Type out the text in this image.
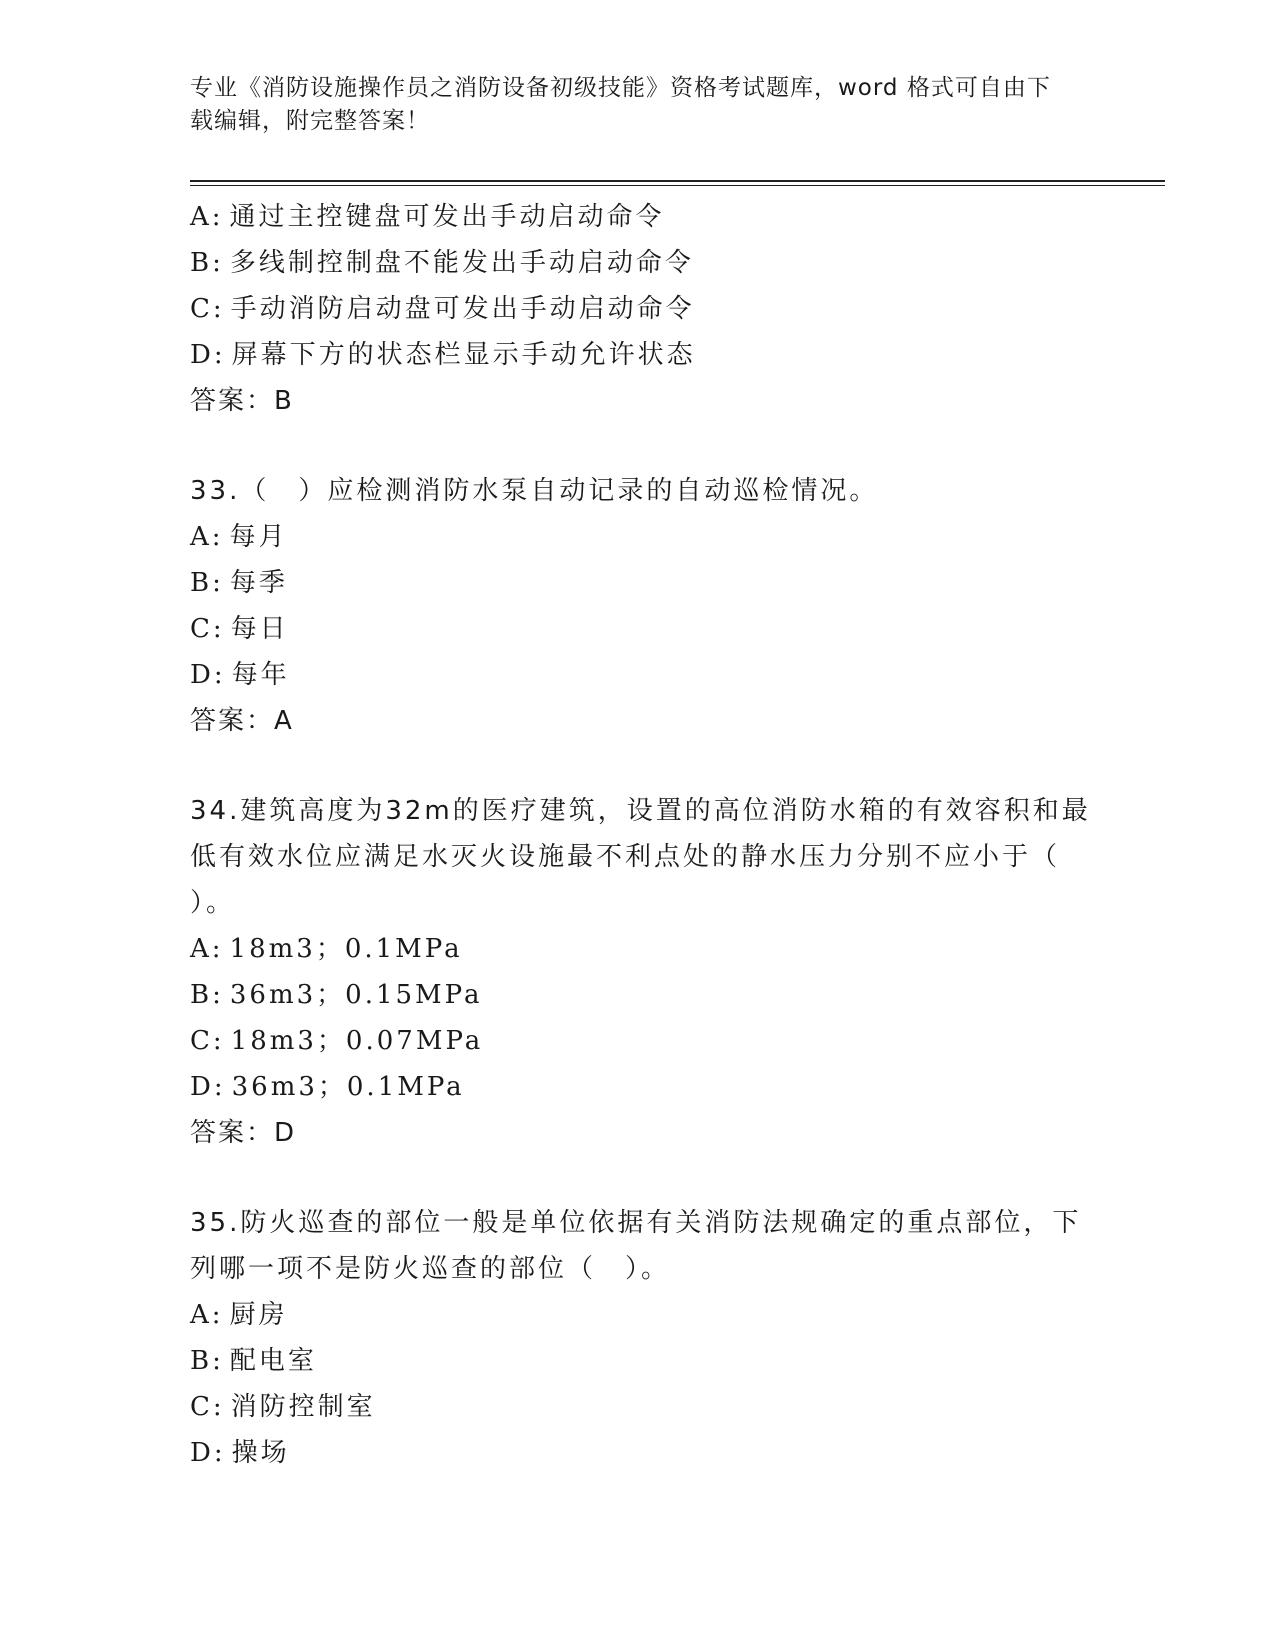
专业《消防设施操作员之消防设备初级技能》资格考试题库，word 格式可自由下
载编辑，附完整答案！
A: 通过主控键盘可发出手动启动命令
B: 多线制控制盘不能发出手动启动命令
C: 手动消防启动盘可发出手动启动命令
D: 屏幕下方的状态栏显示手动允许状态
答案：B
33.（　）应检测消防水泵自动记录的自动巡检情况。
A: 每月
B: 每季
C: 每日
D: 每年
答案：A
34.建筑高度为32m的医疗建筑，设置的高位消防水箱的有效容积和最
低有效水位应满足水灭火设施最不利点处的静水压力分别不应小于（
）。
A: 18m3；0.1MPa
B: 36m3；0.15MPa
C: 18m3；0.07MPa
D: 36m3；0.1MPa
答案：D
35.防火巡查的部位一般是单位依据有关消防法规确定的重点部位，下
列哪一项不是防火巡查的部位（　）。
A: 厨房
B: 配电室
C: 消防控制室
D: 操场
